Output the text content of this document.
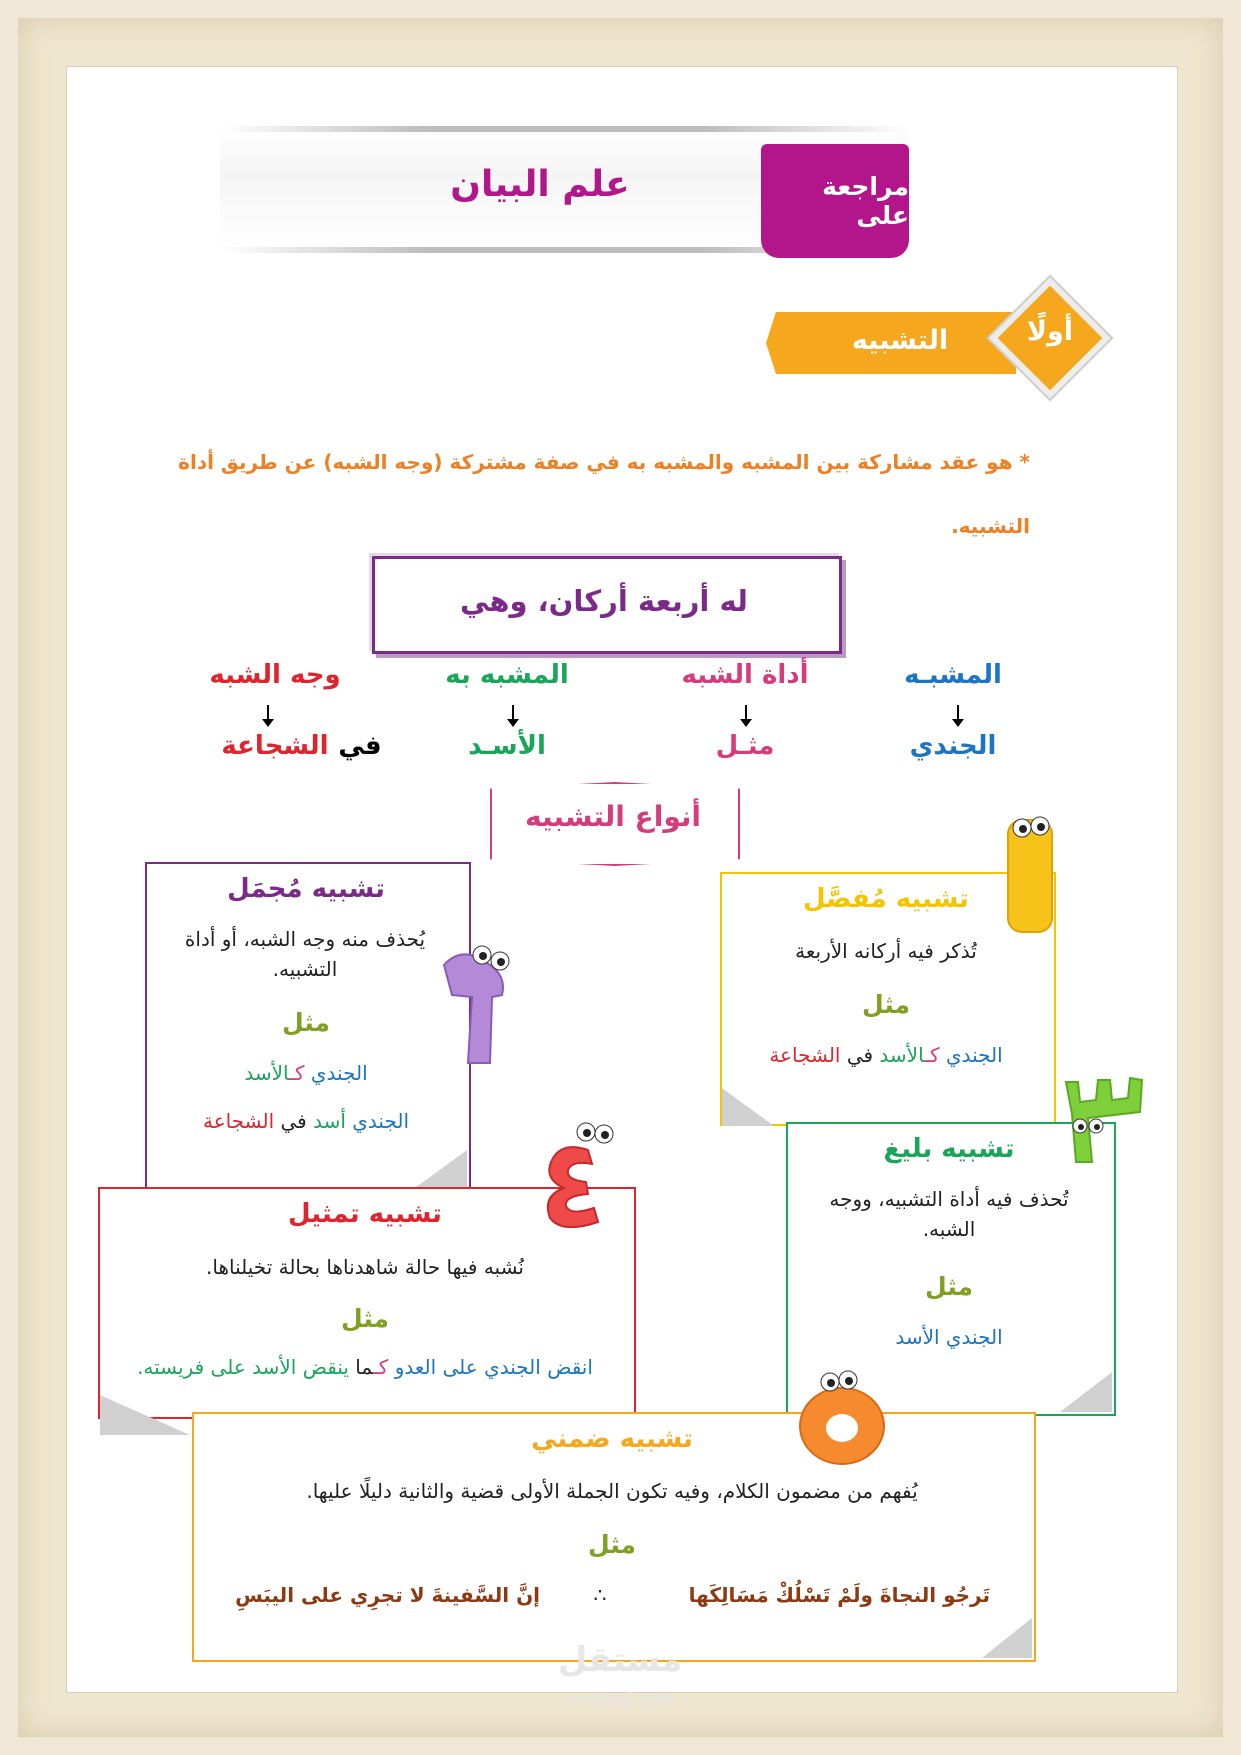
مراجعة على
علم البيان
التشبيه	أولًا
* هو عقد مشاركة بين المشبه والمشبه به في صفة مشتركة (وجه الشبه) عن طريق أداة التشبيه.
له أربعة أركان، وهي
المشبـه
أداة الشبه
المشبه به
وجه الشبه
الجندي
مثـل
الأسـد
في
الشجاعة
أنواع التشبيه
تشبيه مُجمَل
يُحذف منه وجه الشبه، أو أداة التشبيه.
مثل
الجندي كـالأسد
الجندي أسد في الشجاعة
تشبيه مُفصَّل
تُذكر فيه أركانه الأربعة
مثل
الجندي كـالأسد في الشجاعة
تشبيه بليغ
تُحذف فيه أداة التشبيه، ووجه الشبه.
مثل
الجندي الأسد
تشبيه تمثيل
نُشبه فيها حالة شاهدناها بحالة تخيلناها.
مثل
انقض الجندي على العدو كـما ينقض الأسد على فريسته.
تشبيه ضمني
يُفهم من مضمون الكلام، وفيه تكون الجملة الأولى قضية والثانية دليلًا عليها.
مثل
تَرجُو النجاةَ ولَمْ تَسْلُكْ مَسَالِكَها
∴
إنَّ السَّفينةَ لا تجرِي على اليبَسِ
مستقل
mostaql.com
